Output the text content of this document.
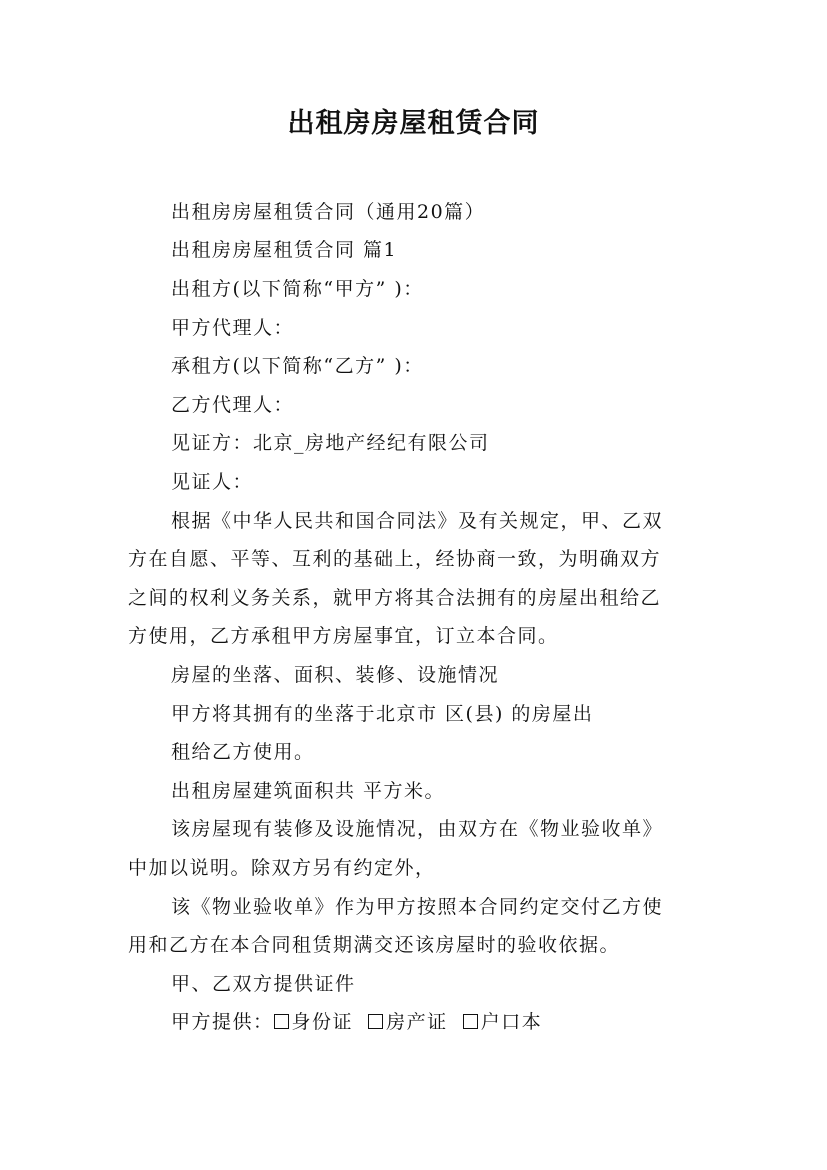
出租房房屋租赁合同
出租房房屋租赁合同（通用20篇）
出租房房屋租赁合同 篇1
出租方(以下简称“甲方” )：
甲方代理人：
承租方(以下简称“乙方” )：
乙方代理人：
见证方：北京_房地产经纪有限公司
见证人：
根据《中华人民共和国合同法》及有关规定，甲、乙双
方在自愿、平等、互利的基础上，经协商一致，为明确双方
之间的权利义务关系，就甲方将其合法拥有的房屋出租给乙
方使用，乙方承租甲方房屋事宜，订立本合同。
房屋的坐落、面积、装修、设施情况
甲方将其拥有的坐落于北京市 区(县) 的房屋出
租给乙方使用。
出租房屋建筑面积共 平方米。
该房屋现有装修及设施情况，由双方在《物业验收单》
中加以说明。除双方另有约定外，
该《物业验收单》作为甲方按照本合同约定交付乙方使
用和乙方在本合同租赁期满交还该房屋时的验收依据。
甲、乙双方提供证件
甲方提供： 身份证 房产证 户口本
